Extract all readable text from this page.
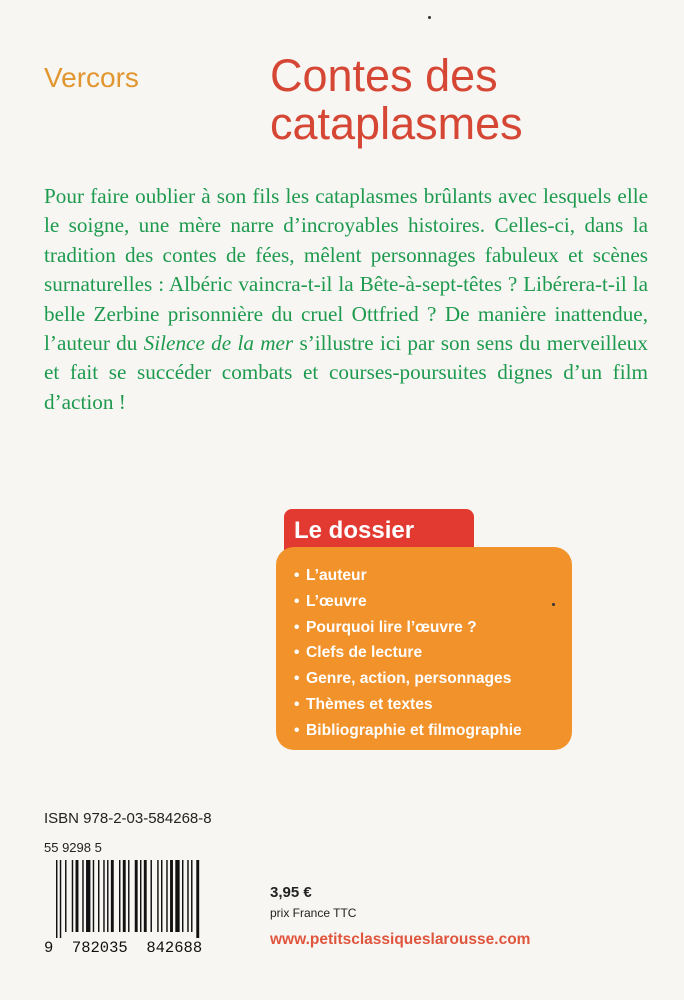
Vercors	Contes des
cataplasmes
Pour faire oublier à son fils les cataplasmes brûlants avec lesquels elle le soigne, une mère narre d’incroyables histoires. Celles-ci, dans la tradition des contes de fées, mêlent personnages fabuleux et scènes surnaturelles : Albéric vaincra-t-il la Bête-à-sept-têtes ? Libérera-t-il la belle Zerbine prisonnière du cruel Ottfried ? De manière inattendue, l’auteur du Silence de la mer s’illustre ici par son sens du merveilleux et fait se succéder combats et courses-poursuites dignes d’un film d’action !
Le dossier
• L’auteur
• L’œuvre
• Pourquoi lire l’œuvre ?
• Clefs de lecture
• Genre, action, personnages
• Thèmes et textes
• Bibliographie et filmographie
ISBN 978-2-03-584268-8
55 9298 5
9  782035  842688
3,95 €
prix France TTC
www.petitsclassiqueslarousse.com
